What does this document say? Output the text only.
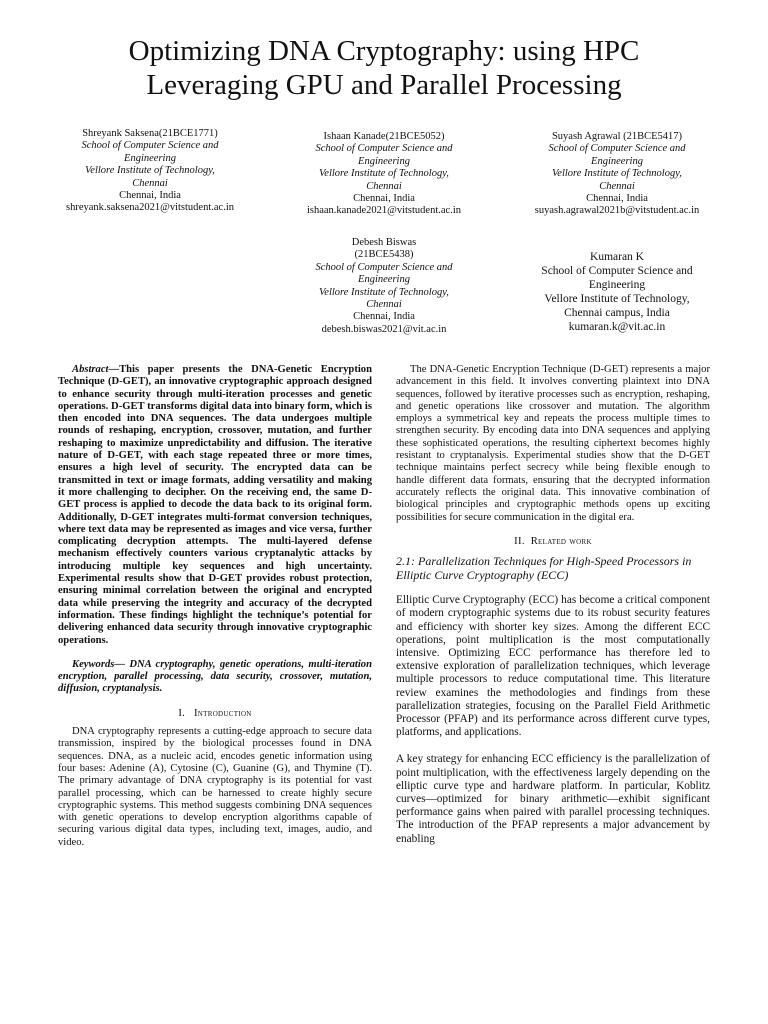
Optimizing DNA Cryptography: using HPC
Leveraging GPU and Parallel Processing
Shreyank Saksena(21BCE1771)
School of Computer Science and
Engineering
Vellore Institute of Technology,
Chennai
Chennai, India
shreyank.saksena2021@vitstudent.ac.in
Ishaan Kanade(21BCE5052)
School of Computer Science and
Engineering
Vellore Institute of Technology,
Chennai
Chennai, India
ishaan.kanade2021@vitstudent.ac.in
Suyash Agrawal (21BCE5417)
School of Computer Science and
Engineering
Vellore Institute of Technology,
Chennai
Chennai, India
suyash.agrawal2021b@vitstudent.ac.in
Debesh Biswas
(21BCE5438)
School of Computer Science and
Engineering
Vellore Institute of Technology,
Chennai
Chennai, India
debesh.biswas2021@vit.ac.in
Kumaran K
School of Computer Science and
Engineering
Vellore Institute of Technology,
Chennai campus, India
kumaran.k@vit.ac.in

Abstract—This paper presents the DNA-Genetic Encryption Technique (D-GET), an innovative cryptographic approach designed to enhance security through multi-iteration processes and genetic operations. D-GET transforms digital data into binary form, which is then encoded into DNA sequences. The data undergoes multiple rounds of reshaping, encryption, crossover, mutation, and further reshaping to maximize unpredictability and diffusion. The iterative nature of D-GET, with each stage repeated three or more times, ensures a high level of security. The encrypted data can be transmitted in text or image formats, adding versatility and making it more challenging to decipher. On the receiving end, the same D-GET process is applied to decode the data back to its original form. Additionally, D-GET integrates multi-format conversion techniques, where text data may be represented as images and vice versa, further complicating decryption attempts. The multi-layered defense mechanism effectively counters various cryptanalytic attacks by introducing multiple key sequences and high uncertainty. Experimental results show that D-GET provides robust protection, ensuring minimal correlation between the original and encrypted data while preserving the integrity and accuracy of the decrypted information. These findings highlight the technique’s potential for delivering enhanced data security through innovative cryptographic operations.

Keywords— DNA cryptography, genetic operations, multi-iteration encryption, parallel processing, data security, crossover, mutation, diffusion, cryptanalysis.

I. Introduction

DNA cryptography represents a cutting-edge approach to secure data transmission, inspired by the biological processes found in DNA sequences. DNA, as a nucleic acid, encodes genetic information using four bases: Adenine (A), Cytosine (C), Guanine (G), and Thymine (T). The primary advantage of DNA cryptography is its potential for vast parallel processing, which can be harnessed to create highly secure cryptographic systems. This method suggests combining DNA sequences with genetic operations to develop encryption algorithms capable of securing various digital data types, including text, images, audio, and video.

The DNA-Genetic Encryption Technique (D-GET) represents a major advancement in this field. It involves converting plaintext into DNA sequences, followed by iterative processes such as encryption, reshaping, and genetic operations like crossover and mutation. The algorithm employs a symmetrical key and repeats the process multiple times to strengthen security. By encoding data into DNA sequences and applying these sophisticated operations, the resulting ciphertext becomes highly resistant to cryptanalysis. Experimental studies show that the D-GET technique maintains perfect secrecy while being flexible enough to handle different data formats, ensuring that the decrypted information accurately reflects the original data. This innovative combination of biological principles and cryptographic methods opens up exciting possibilities for secure communication in the digital era.

II. Related work

2.1: Parallelization Techniques for High-Speed Processors in Elliptic Curve Cryptography (ECC)

Elliptic Curve Cryptography (ECC) has become a critical component of modern cryptographic systems due to its robust security features and efficiency with shorter key sizes. Among the different ECC operations, point multiplication is the most computationally intensive. Optimizing ECC performance has therefore led to extensive exploration of parallelization techniques, which leverage multiple processors to reduce computational time. This literature review examines the methodologies and findings from these parallelization strategies, focusing on the Parallel Field Arithmetic Processor (PFAP) and its performance across different curve types, platforms, and applications.

A key strategy for enhancing ECC efficiency is the parallelization of point multiplication, with the effectiveness largely depending on the elliptic curve type and hardware platform. In particular, Koblitz curves—optimized for binary arithmetic—exhibit significant performance gains when paired with parallel processing techniques. The introduction of the PFAP represents a major advancement by enabling
